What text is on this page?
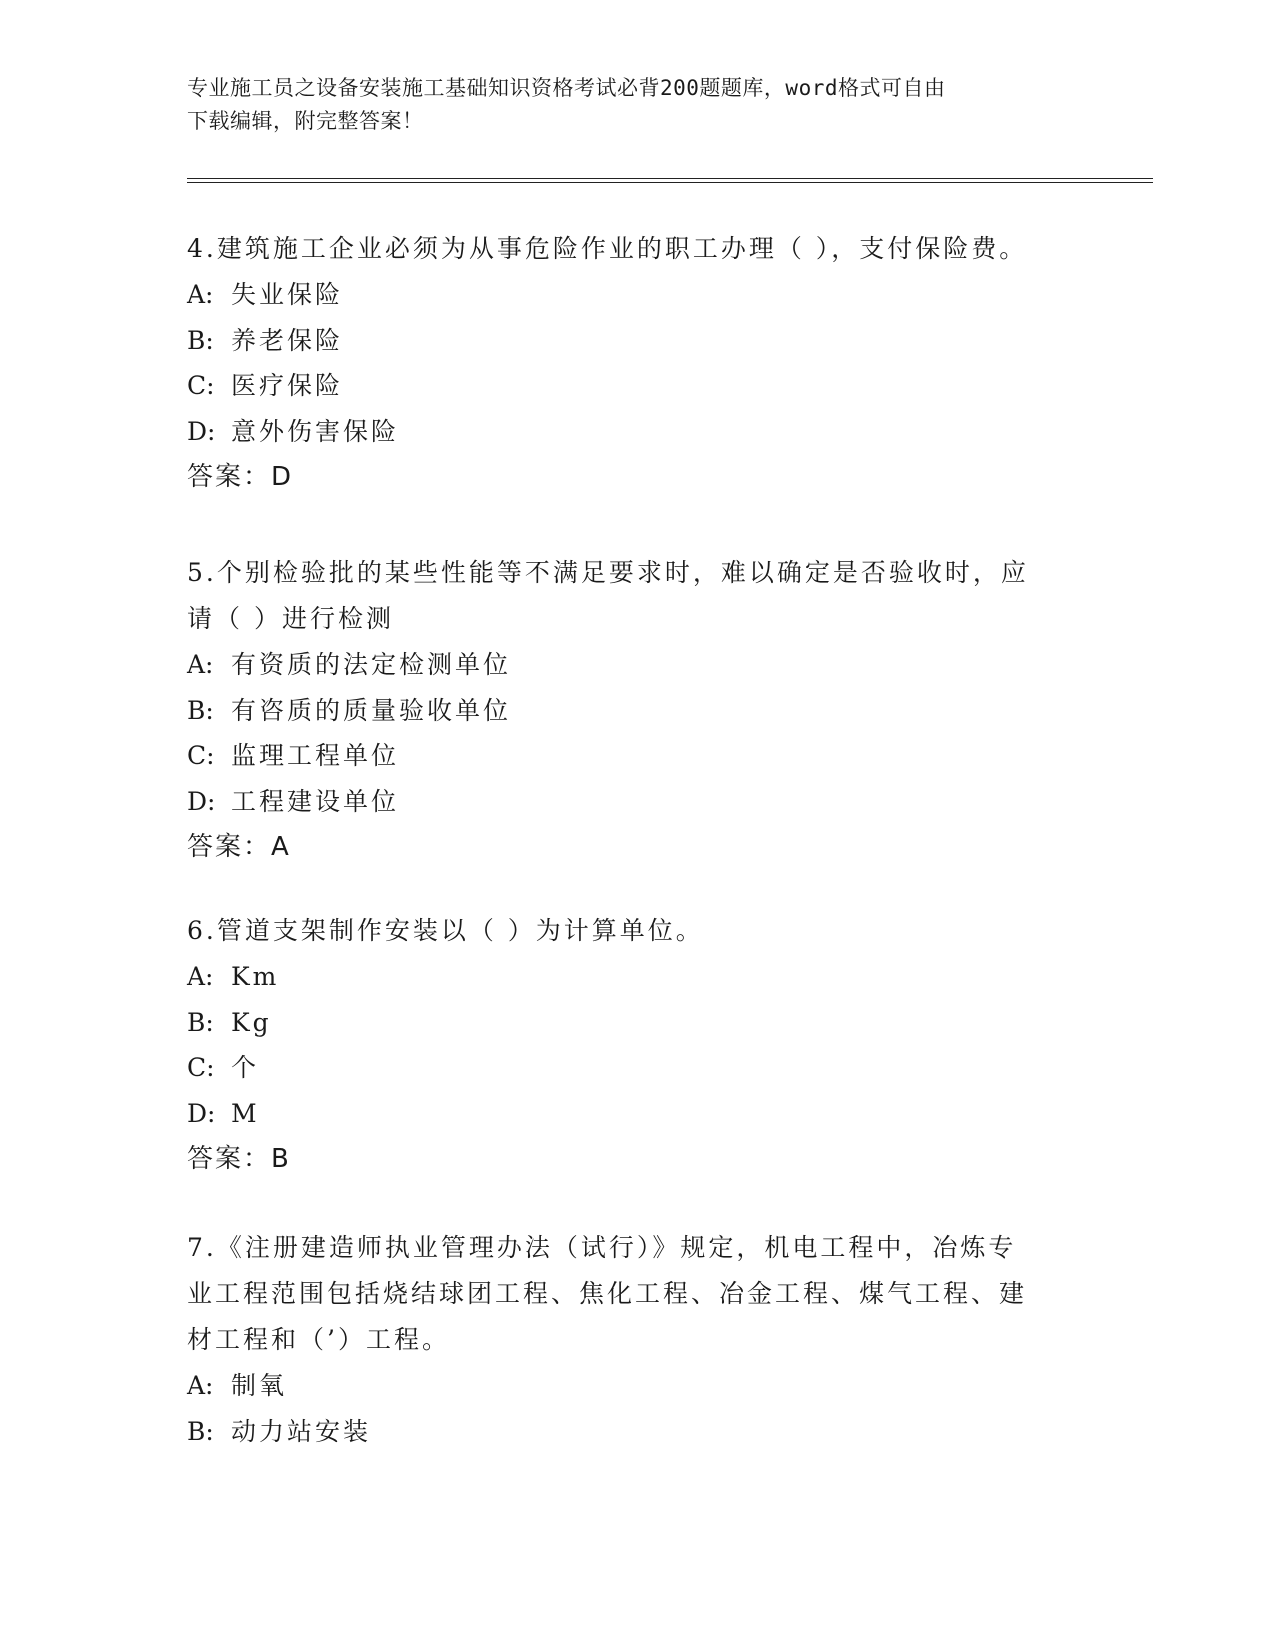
专业施工员之设备安装施工基础知识资格考试必背200题题库，word格式可自由
下载编辑，附完整答案！

4.建筑施工企业必须为从事危险作业的职工办理（ ），支付保险费。

A: 失业保险

B: 养老保险

C: 医疗保险

D: 意外伤害保险

答案：D

5.个别检验批的某些性能等不满足要求时，难以确定是否验收时，应
请（ ）进行检测

A: 有资质的法定检测单位

B: 有咨质的质量验收单位

C: 监理工程单位

D: 工程建设单位

答案：A

6.管道支架制作安装以（ ）为计算单位。

A: Km

B: Kg

C: 个

D: M

答案：B

7.《注册建造师执业管理办法（试行）》规定，机电工程中，冶炼专
业工程范围包括烧结球团工程、焦化工程、冶金工程、煤气工程、建
材工程和（’）工程。

A: 制氧

B: 动力站安装
